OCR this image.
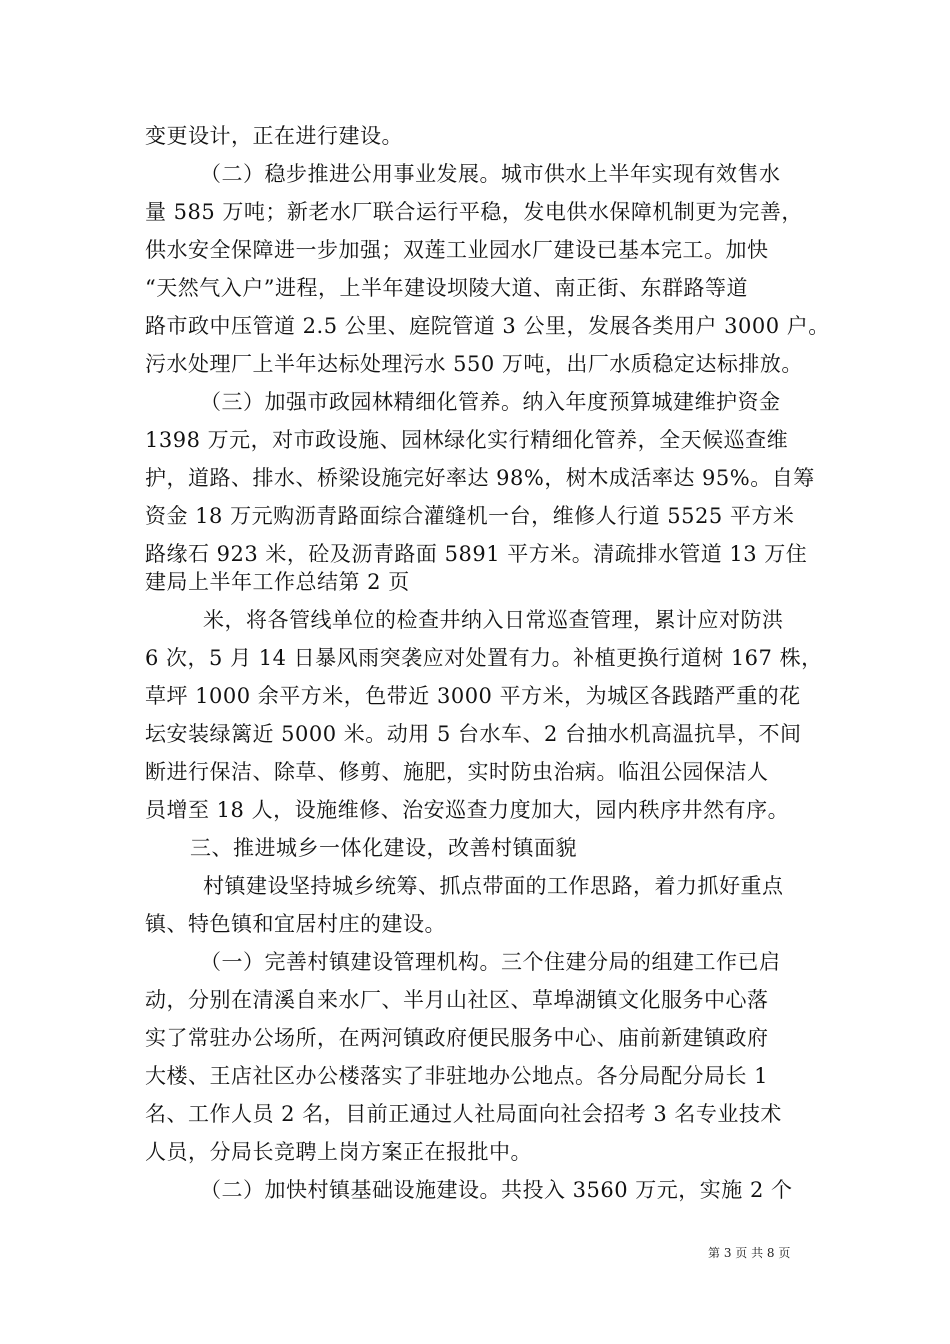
变更设计，正在进行建设。
（二）稳步推进公用事业发展。城市供水上半年实现有效售水
量 585 万吨；新老水厂联合运行平稳，发电供水保障机制更为完善，
供水安全保障进一步加强；双莲工业园水厂建设已基本完工。加快
“天然气入户”进程，上半年建设坝陵大道、南正街、东群路等道
路市政中压管道 2.5 公里、庭院管道 3 公里，发展各类用户 3000 户。
污水处理厂上半年达标处理污水 550 万吨，出厂水质稳定达标排放。
（三）加强市政园林精细化管养。纳入年度预算城建维护资金
1398 万元，对市政设施、园林绿化实行精细化管养，全天候巡查维
护，道路、排水、桥梁设施完好率达 98%，树木成活率达 95%。自筹
资金 18 万元购沥青路面综合灌缝机一台，维修人行道 5525 平方米
路缘石 923 米，砼及沥青路面 5891 平方米。清疏排水管道 13 万住
建局上半年工作总结第 2 页
米，将各管线单位的检查井纳入日常巡查管理，累计应对防洪
6 次，5 月 14 日暴风雨突袭应对处置有力。补植更换行道树 167 株，
草坪 1000 余平方米，色带近 3000 平方米，为城区各践踏严重的花
坛安装绿篱近 5000 米。动用 5 台水车、2 台抽水机高温抗旱，不间
断进行保洁、除草、修剪、施肥，实时防虫治病。临沮公园保洁人
员增至 18 人，设施维修、治安巡查力度加大，园内秩序井然有序。
三、推进城乡一体化建设，改善村镇面貌
村镇建设坚持城乡统筹、抓点带面的工作思路，着力抓好重点
镇、特色镇和宜居村庄的建设。
（一）完善村镇建设管理机构。三个住建分局的组建工作已启
动，分别在清溪自来水厂、半月山社区、草埠湖镇文化服务中心落
实了常驻办公场所，在两河镇政府便民服务中心、庙前新建镇政府
大楼、王店社区办公楼落实了非驻地办公地点。各分局配分局长 1
名、工作人员 2 名，目前正通过人社局面向社会招考 3 名专业技术
人员，分局长竞聘上岗方案正在报批中。
（二）加快村镇基础设施建设。共投入 3560 万元，实施 2 个
第 3 页 共 8 页
